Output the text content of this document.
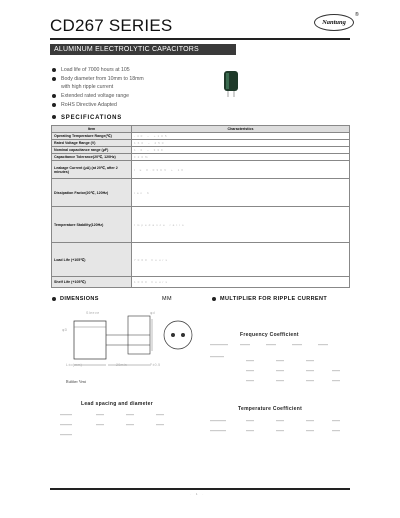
CD267 SERIES	Nantung
®
ALUMINUM ELECTROLYTIC CAPACITORS
Load life of 7000 hours at 105
Body diameter from 10mm to 18mm
with high ripple current
Extended rated voltage range
RoHS Directive Adapted
SPECIFICATIONS
Item	Characteristics
Operating Temperature Range(℃)	-40 ~ +105
Rated Voltage Range (V)	160 ~ 450
Nominal capacitance range (μF)	1.0 ~ 330
Capacitance Tolerance(20℃, 120Hz)	±20%
Leakage Current (μA) (at 20℃, after 2 minutes)	I ≤ 0.03CV + 10
Dissipation Factor(20℃, 120Hz)	tan δ
Temperature Stability(120Hz)	Impedance ratio
Load Life (+105℃)	7000 hours
Shelf Life (+105℃)	1000 hours
DIMENSIONS	MM	MULTIPLIER FOR RIPPLE CURRENT
Sleeve
L±α(mm)	20min
φD
φd
F±0.5
Rubber Vent
Lead spacing and diameter
Frequency Coefficient
Temperature Coefficient
· 1 ·
